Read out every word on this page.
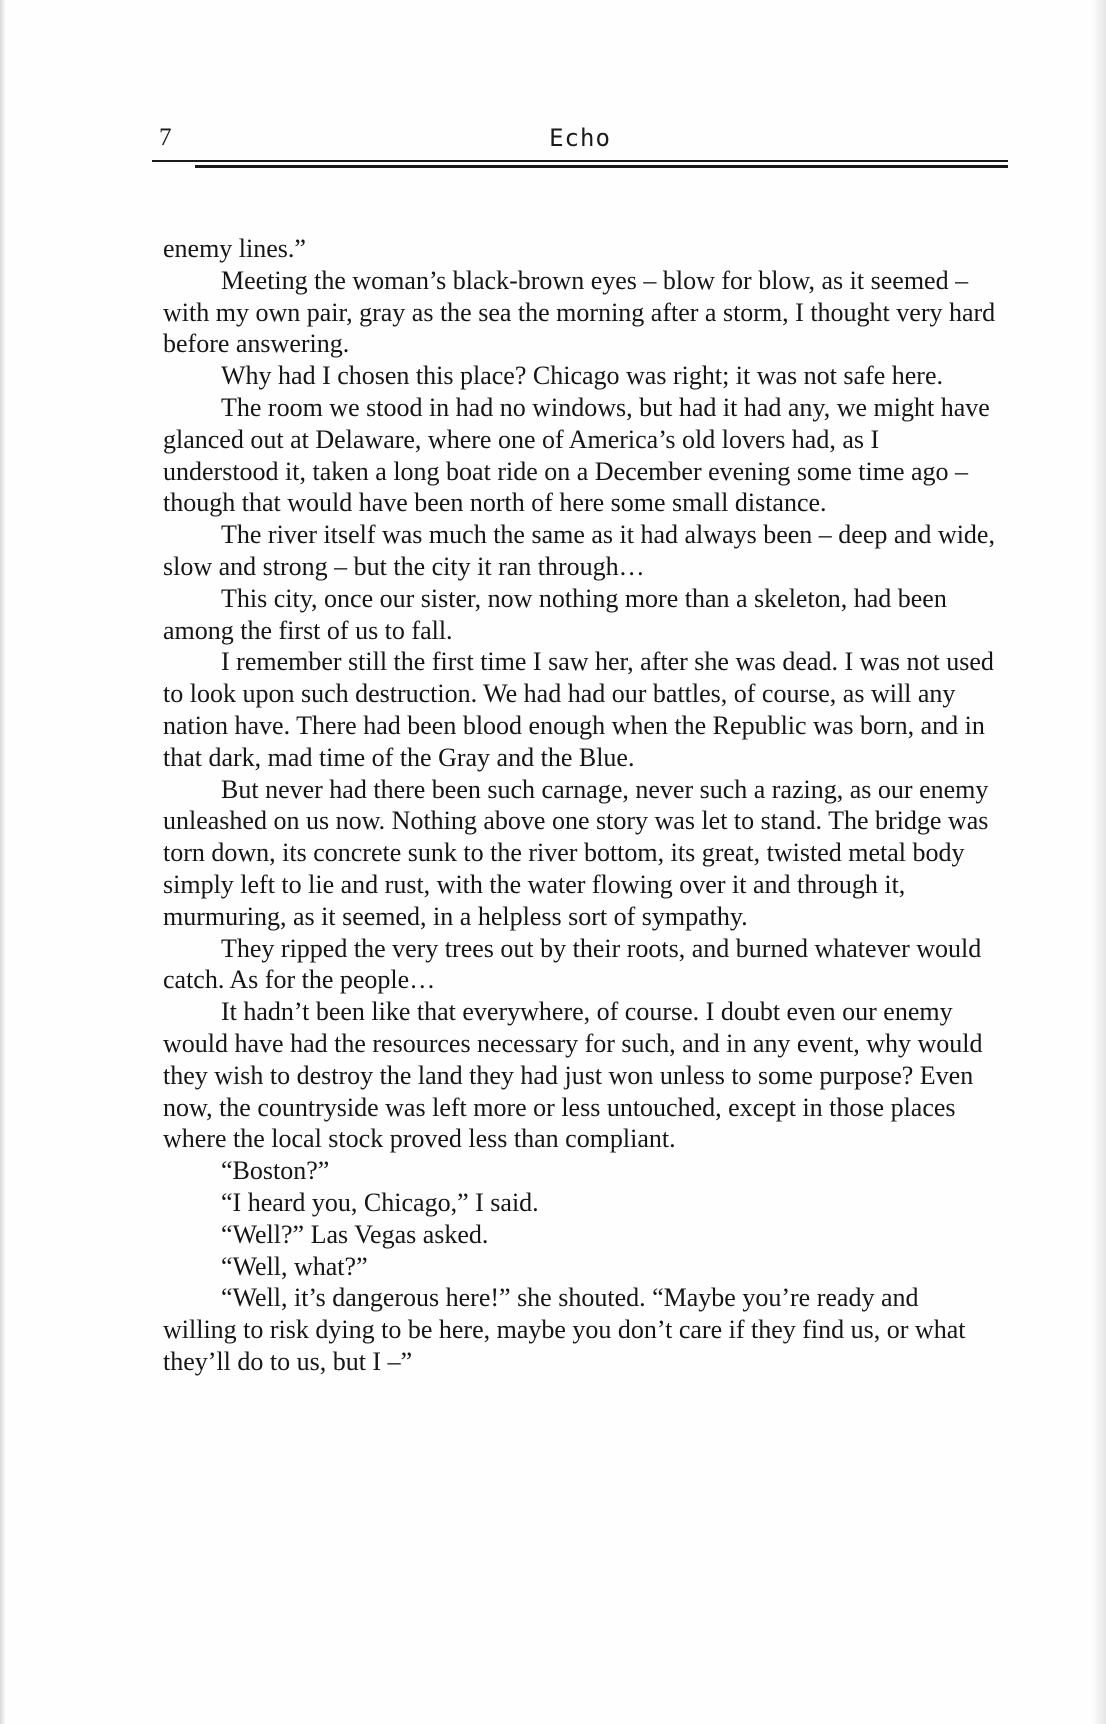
7	Echo

enemy lines.”

Meeting the woman’s black-brown eyes – blow for blow, as it seemed – with my own pair, gray as the sea the morning after a storm, I thought very hard before answering.

Why had I chosen this place? Chicago was right; it was not safe here.

The room we stood in had no windows, but had it had any, we might have glanced out at Delaware, where one of America’s old lovers had, as I understood it, taken a long boat ride on a December evening some time ago – though that would have been north of here some small distance.

The river itself was much the same as it had always been – deep and wide, slow and strong – but the city it ran through…

This city, once our sister, now nothing more than a skeleton, had been among the first of us to fall.

I remember still the first time I saw her, after she was dead. I was not used to look upon such destruction. We had had our battles, of course, as will any nation have. There had been blood enough when the Republic was born, and in that dark, mad time of the Gray and the Blue.

But never had there been such carnage, never such a razing, as our enemy unleashed on us now. Nothing above one story was let to stand. The bridge was torn down, its concrete sunk to the river bottom, its great, twisted metal body simply left to lie and rust, with the water flowing over it and through it, murmuring, as it seemed, in a helpless sort of sympathy.

They ripped the very trees out by their roots, and burned whatever would catch. As for the people…

It hadn’t been like that everywhere, of course. I doubt even our enemy would have had the resources necessary for such, and in any event, why would they wish to destroy the land they had just won unless to some purpose? Even now, the countryside was left more or less untouched, except in those places where the local stock proved less than compliant.

“Boston?”

“I heard you, Chicago,” I said.

“Well?” Las Vegas asked.

“Well, what?”

“Well, it’s dangerous here!” she shouted. “Maybe you’re ready and willing to risk dying to be here, maybe you don’t care if they find us, or what they’ll do to us, but I –”
